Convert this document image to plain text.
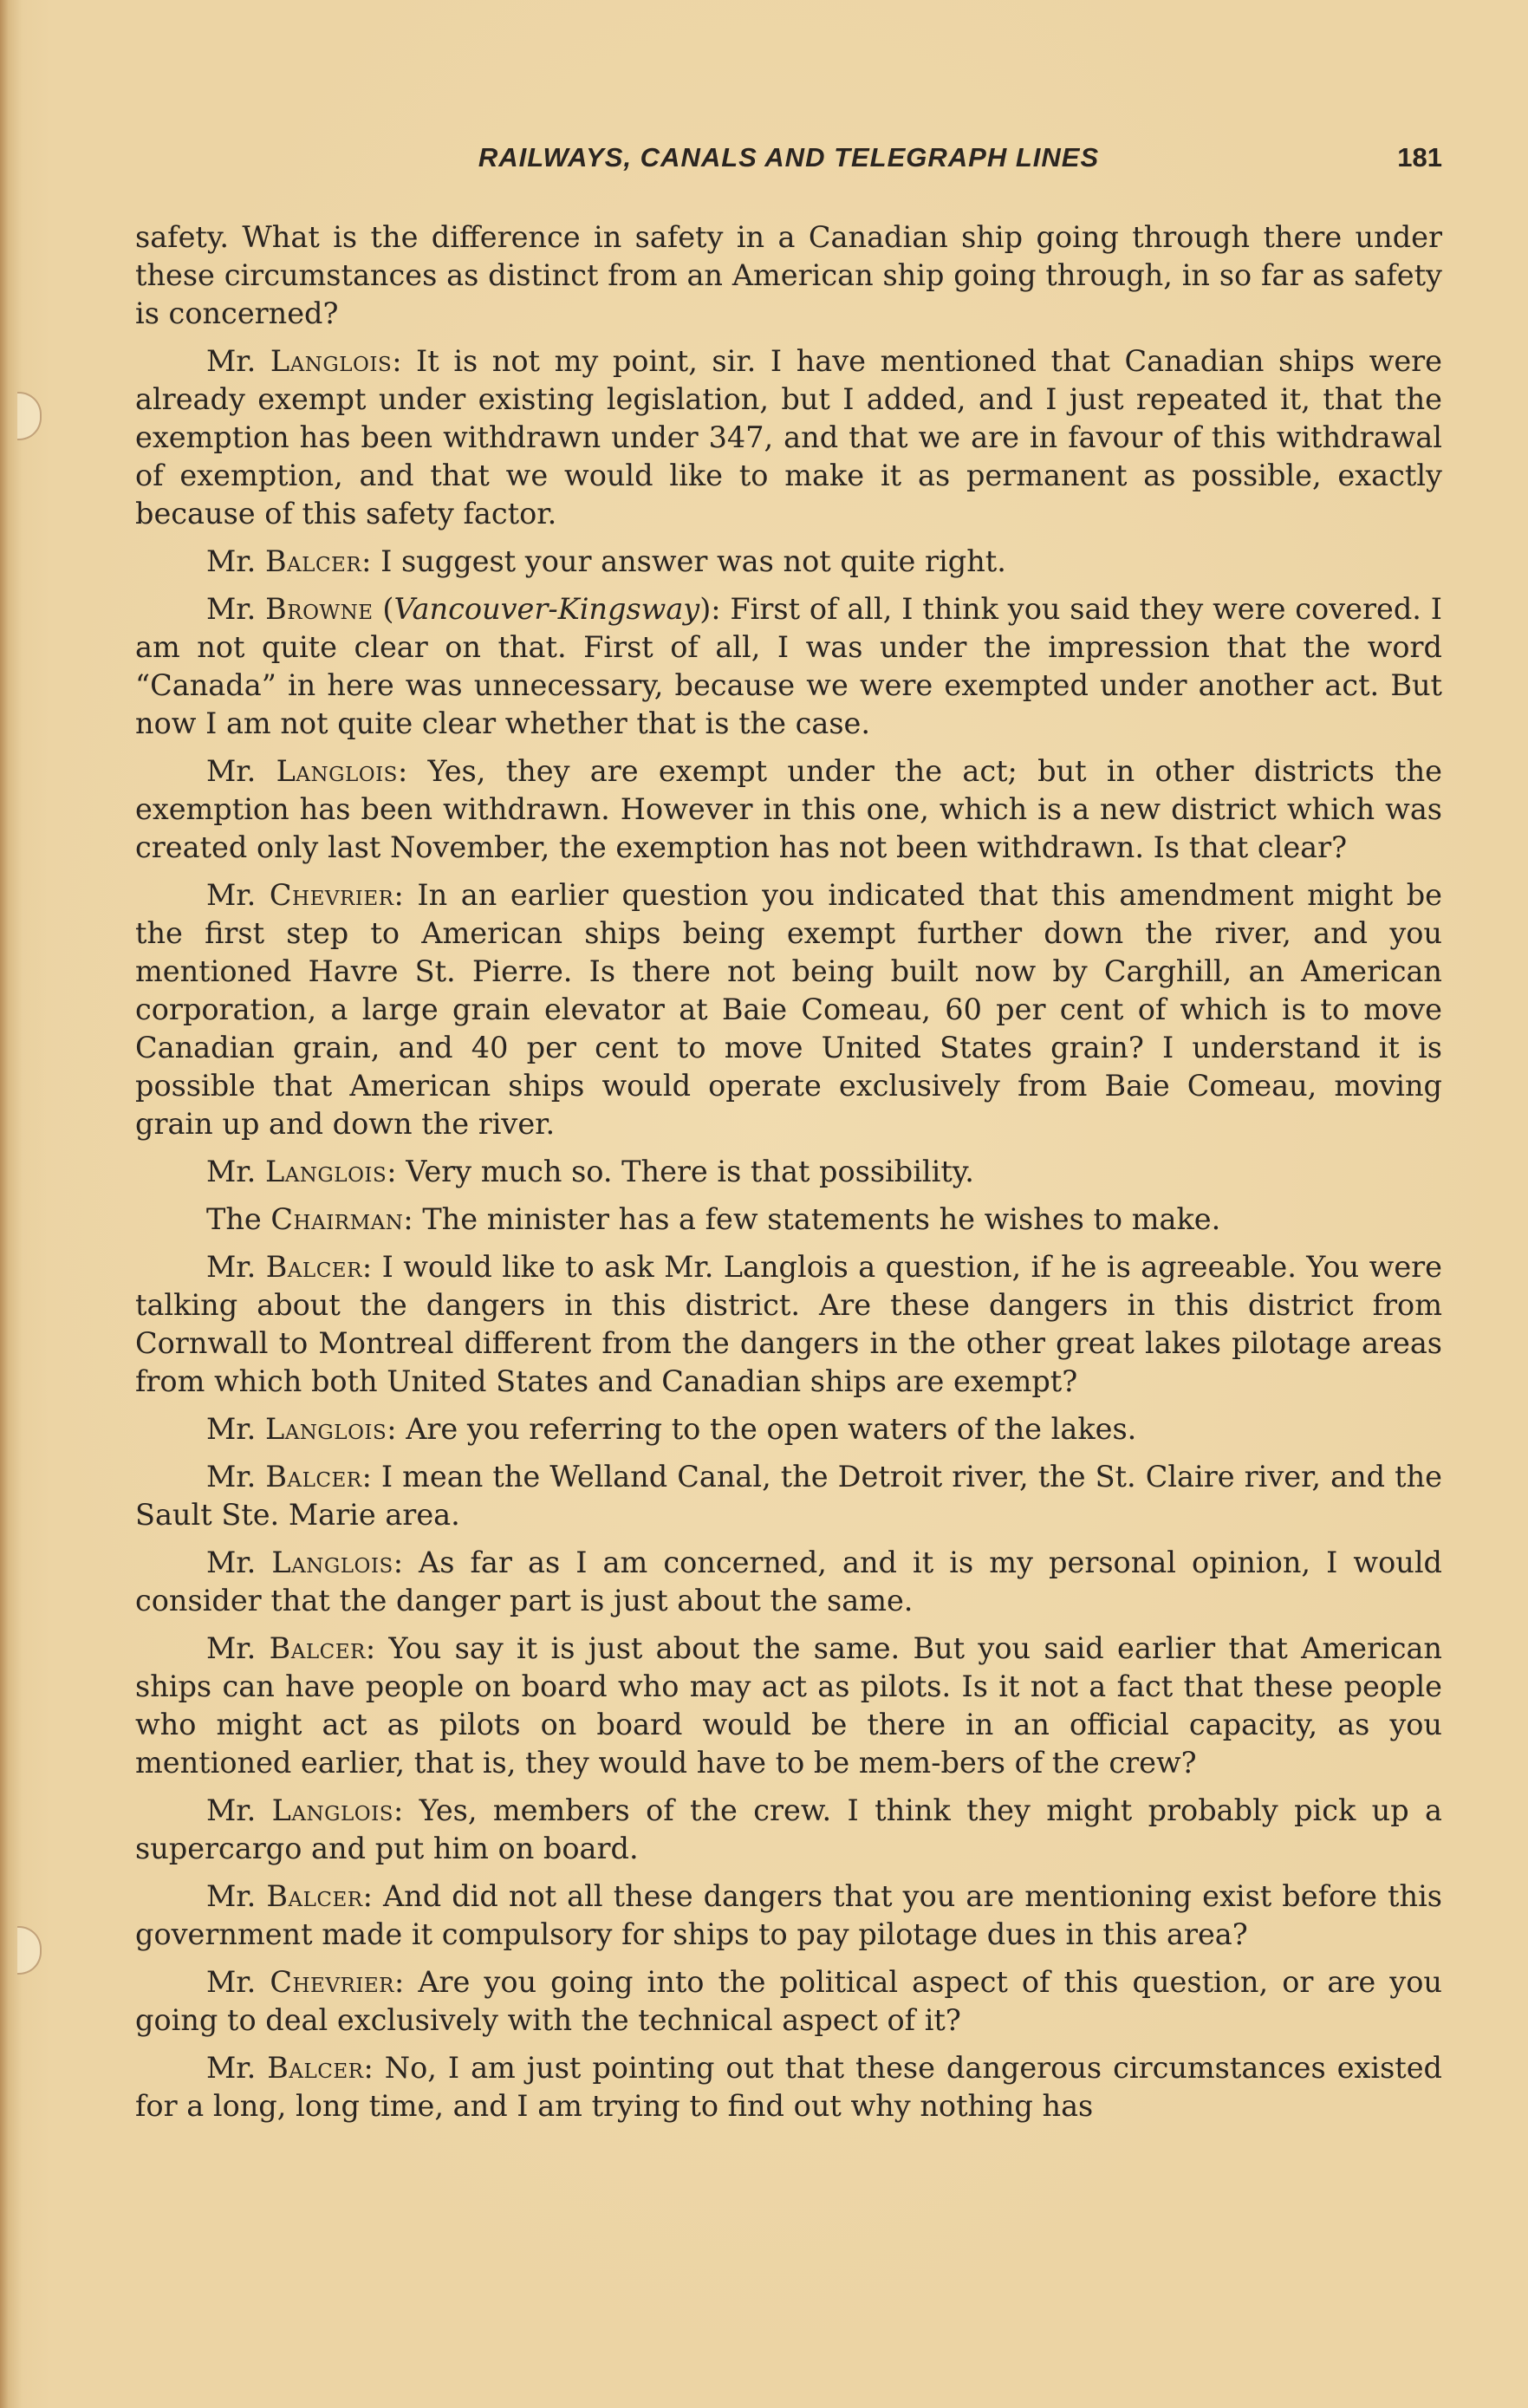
RAILWAYS, CANALS AND TELEGRAPH LINES	181

safety. What is the difference in safety in a Canadian ship going through there under these circumstances as distinct from an American ship going through, in so far as safety is concerned?

Mr. Langlois: It is not my point, sir. I have mentioned that Canadian ships were already exempt under existing legislation, but I added, and I just repeated it, that the exemption has been withdrawn under 347, and that we are in favour of this withdrawal of exemption, and that we would like to make it as permanent as possible, exactly because of this safety factor.

Mr. Balcer: I suggest your answer was not quite right.

Mr. Browne (Vancouver-Kingsway): First of all, I think you said they were covered. I am not quite clear on that. First of all, I was under the impression that the word “Canada” in here was unnecessary, because we were exempted under another act. But now I am not quite clear whether that is the case.

Mr. Langlois: Yes, they are exempt under the act; but in other districts the exemption has been withdrawn. However in this one, which is a new district which was created only last November, the exemption has not been withdrawn. Is that clear?

Mr. Chevrier: In an earlier question you indicated that this amendment might be the first step to American ships being exempt further down the river, and you mentioned Havre St. Pierre. Is there not being built now by Carghill, an American corporation, a large grain elevator at Baie Comeau, 60 per cent of which is to move Canadian grain, and 40 per cent to move United States grain? I understand it is possible that American ships would operate exclusively from Baie Comeau, moving grain up and down the river.

Mr. Langlois: Very much so. There is that possibility.

The Chairman: The minister has a few statements he wishes to make.

Mr. Balcer: I would like to ask Mr. Langlois a question, if he is agreeable. You were talking about the dangers in this district. Are these dangers in this district from Cornwall to Montreal different from the dangers in the other great lakes pilotage areas from which both United States and Canadian ships are exempt?

Mr. Langlois: Are you referring to the open waters of the lakes.

Mr. Balcer: I mean the Welland Canal, the Detroit river, the St. Claire river, and the Sault Ste. Marie area.

Mr. Langlois: As far as I am concerned, and it is my personal opinion, I would consider that the danger part is just about the same.

Mr. Balcer: You say it is just about the same. But you said earlier that American ships can have people on board who may act as pilots. Is it not a fact that these people who might act as pilots on board would be there in an official capacity, as you mentioned earlier, that is, they would have to be mem-bers of the crew?

Mr. Langlois: Yes, members of the crew. I think they might probably pick up a supercargo and put him on board.

Mr. Balcer: And did not all these dangers that you are mentioning exist before this government made it compulsory for ships to pay pilotage dues in this area?

Mr. Chevrier: Are you going into the political aspect of this question, or are you going to deal exclusively with the technical aspect of it?

Mr. Balcer: No, I am just pointing out that these dangerous circumstances existed for a long, long time, and I am trying to find out why nothing has
